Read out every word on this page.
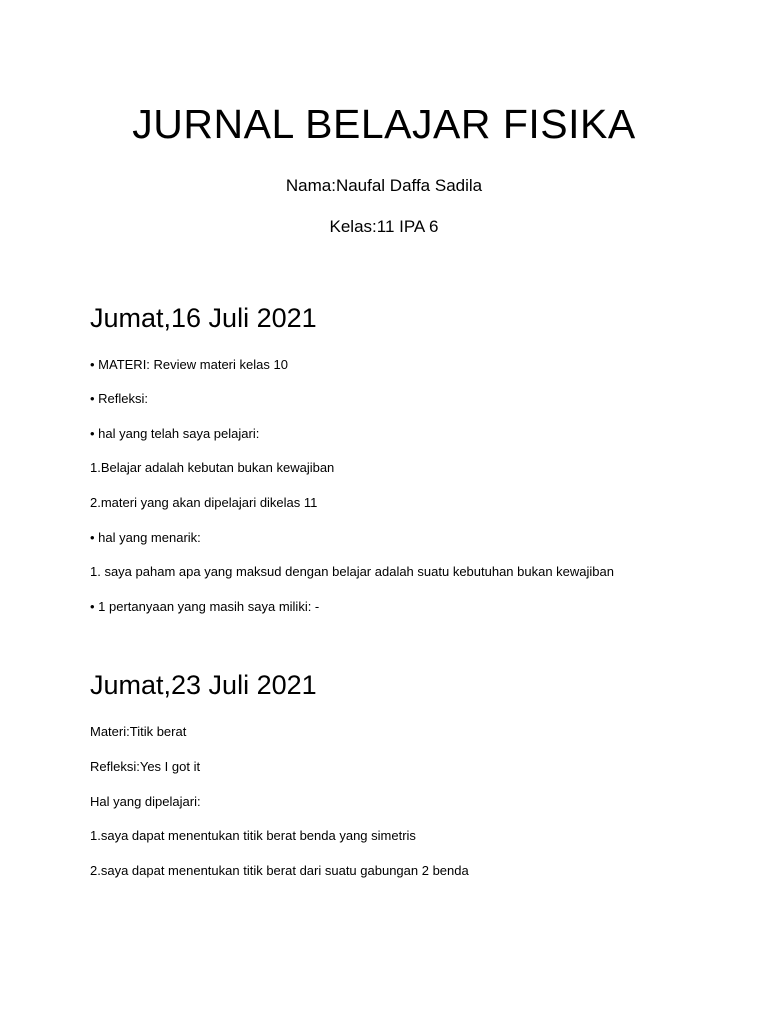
JURNAL BELAJAR FISIKA
Nama:Naufal Daffa Sadila
Kelas:11 IPA 6
Jumat,16 Juli 2021
• MATERI: Review materi kelas 10
• Refleksi:
• hal yang telah saya pelajari:
1.Belajar adalah kebutan bukan kewajiban
2.materi yang akan dipelajari dikelas 11
• hal yang menarik:
1. saya paham apa yang maksud dengan belajar adalah suatu kebutuhan bukan kewajiban
• 1 pertanyaan yang masih saya miliki: -
Jumat,23 Juli 2021
Materi:Titik berat
Refleksi:Yes I got it
Hal yang dipelajari:
1.saya dapat menentukan titik berat benda yang simetris
2.saya dapat menentukan titik berat dari suatu gabungan 2 benda
